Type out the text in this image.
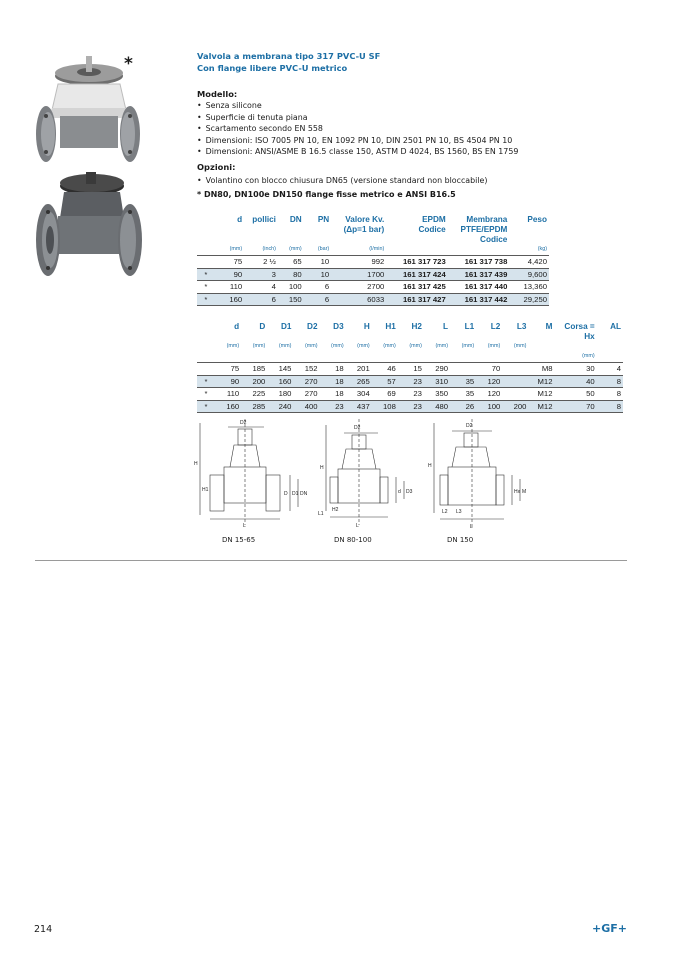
*	Valvola a membrana tipo 317 PVC-U SF
Con flange libere PVC-U metrico
Modello:
• Senza silicone
• Superficie di tenuta piana
• Scartamento secondo EN 558
• Dimensioni: ISO 7005 PN 10, EN 1092 PN 10, DIN 2501 PN 10, BS 4504 PN 10
• Dimensioni: ANSI/ASME B 16.5 classe 150, ASTM D 4024, BS 1560, BS EN 1759
Opzioni:
• Volantino con blocco chiusura DN65 (versione standard non bloccabile)
* DN80, DN100e DN150 flange fisse metrico e ANSI B16.5
	d	pollici	DN	PN	Valore Kv.	EPDM	Membrana	Peso
					(Δp=1 bar)	Codice	PTFE/EPDM	
							Codice	
	(mm)	(inch)	(mm)	(bar)	(l/min)			(kg)
	75	2 ½	65	10	992	161 317 723	161 317 738	4,420
*	90	3	80	10	1700	161 317 424	161 317 439	9,600
*	110	4	100	6	2700	161 317 425	161 317 440	13,360
*	160	6	150	6	6033	161 317 427	161 317 442	29,250
	d	D	D1	D2	D3	H	H1	H2	L	L1	L2	L3	M	Corsa =	AL
														Hx	
	(mm)	(mm)	(mm)	(mm)	(mm)	(mm)	(mm)	(mm)	(mm)	(mm)	(mm)	(mm)			
														(mm)	
	75	185	145	152	18	201	46	15	290		70		M8	30	4
*	90	200	160	270	18	265	57	23	310	35	120		M12	40	8
*	110	225	180	270	18	304	69	23	350	35	120		M12	50	8
*	160	285	240	400	23	437	108	23	480	26	100	200	M12	70	8
D2
H
H1
L
D D1 DN
D2
H
H2
L
L1
d D3
D2
H
L
L2 L3
Hx M
DN 15-65	DN 80-100	DN 150
214	+GF+
